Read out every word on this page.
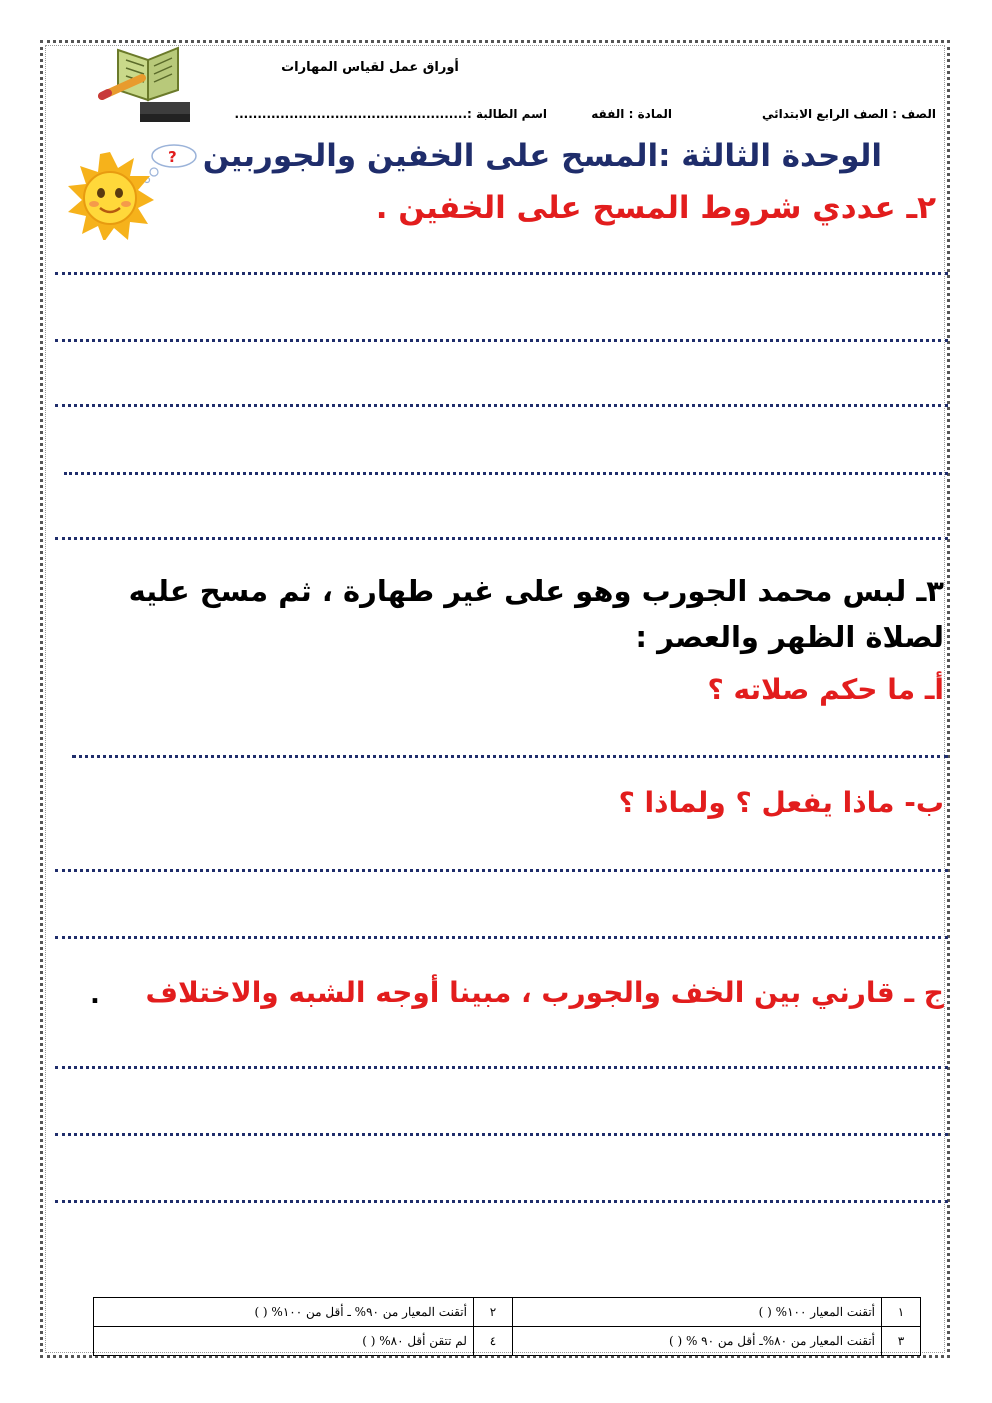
أوراق عمل لقياس المهارات
الصف : الصف الرابع الابتدائي
المادة : الفقه
اسم الطالبة :...................................................
الوحدة الثالثة :المسح على الخفين والجوربين
?
٢ـ عددي شروط المسح على الخفين .
٣ـ لبس محمد الجورب وهو على غير طهارة ، ثم مسح عليه لصلاة الظهر والعصر :
أـ ما حكم صلاته ؟
ب- ماذا يفعل ؟ ولماذا ؟
ج ـ قارني بين الخف والجورب ، مبينا أوجه الشبه والاختلاف
.
١	أتقنت المعيار ١٠٠% ( )	٢	أتقنت المعيار من ٩٠% ـ أقل من ١٠٠% ( )
٣	أتقنت المعيار من ٨٠%ـ أقل من ٩٠ % ( )	٤	لم تتقن أقل ٨٠% ( )
